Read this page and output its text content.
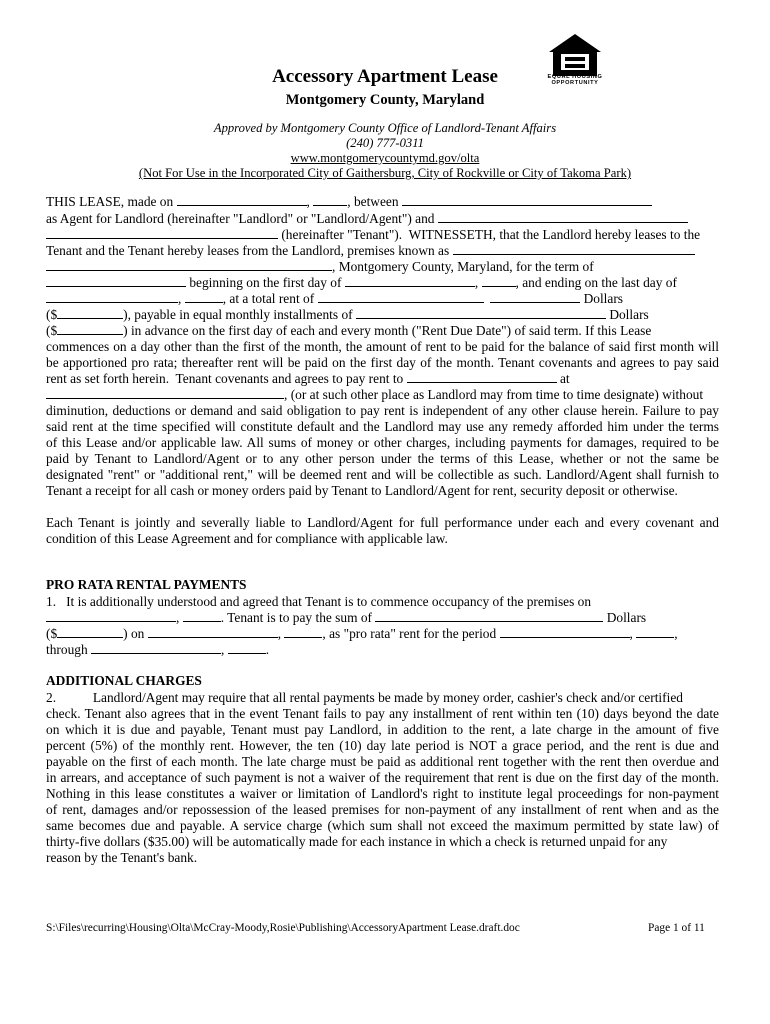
EQUAL HOUSING
OPPORTUNITY
Accessory Apartment Lease
Montgomery County, Maryland
Approved by Montgomery County Office of Landlord-Tenant Affairs
(240) 777-0311
www.montgomerycountymd.gov/olta
(Not For Use in the Incorporated City of Gaithersburg, City of Rockville or City of Takoma Park)
THIS LEASE, made on	,	, between
as Agent for Landlord (hereinafter "Landlord" or "Landlord/Agent") and
(hereinafter "Tenant").  WITNESSETH, that the Landlord hereby leases to the
Tenant and the Tenant hereby leases from the Landlord, premises known as
, Montgomery County, Maryland, for the term of
beginning on the first day of	,	, and ending on the last day of
,	, at a total rent of	Dollars
($	), payable in equal monthly installments of	Dollars
($	) in advance on the first day of each and every month ("Rent Due Date") of said term. If this Lease
commences on a day other than the first of the month, the amount of rent to be paid for the balance of said first month will
be apportioned pro rata; thereafter rent will be paid on the first day of the month. Tenant covenants and agrees to pay said
rent as set forth herein.  Tenant covenants and agrees to pay rent to	at
, (or at such other place as Landlord may from time to time designate) without
diminution, deductions or demand and said obligation to pay rent is independent of any other clause herein. Failure to pay
said rent at the time specified will constitute default and the Landlord may use any remedy afforded him under the terms
of this Lease and/or applicable law. All sums of money or other charges, including payments for damages, required to be
paid by Tenant to Landlord/Agent or to any other person under the terms of this Lease, whether or not the same be
designated "rent" or "additional rent," will be deemed rent and will be collectible as such. Landlord/Agent shall furnish to
Tenant a receipt for all cash or money orders paid by Tenant to Landlord/Agent for rent, security deposit or otherwise.
Each Tenant is jointly and severally liable to Landlord/Agent for full performance under each and every covenant and
condition of this Lease Agreement and for compliance with applicable law.
PRO RATA RENTAL PAYMENTS
1.   It is additionally understood and agreed that Tenant is to commence occupancy of the premises on
,	. Tenant is to pay the sum of	Dollars
($	) on	,	, as "pro rata" rent for the period	,	,
through	,	.
ADDITIONAL CHARGES
2.           Landlord/Agent may require that all rental payments be made by money order, cashier's check and/or certified
check. Tenant also agrees that in the event Tenant fails to pay any installment of rent within ten (10) days beyond the date
on which it is due and payable, Tenant must pay Landlord, in addition to the rent, a late charge in the amount of five
percent (5%) of the monthly rent. However, the ten (10) day late period is NOT a grace period, and the rent is due and
payable on the first of each month. The late charge must be paid as additional rent together with the rent then overdue and
in arrears, and acceptance of such payment is not a waiver of the requirement that rent is due on the first day of the month.
Nothing in this lease constitutes a waiver or limitation of Landlord's right to institute legal proceedings for non-payment
of rent, damages and/or repossession of the leased premises for non-payment of any installment of rent when and as the
same becomes due and payable. A service charge (which sum shall not exceed the maximum permitted by state law) of
thirty-five dollars ($35.00) will be automatically made for each instance in which a check is returned unpaid for any
reason by the Tenant's bank.
S:\Files\recurring\Housing\Olta\McCray-Moody,Rosie\Publishing\AccessoryApartment Lease.draft.doc	Page 1 of 11
